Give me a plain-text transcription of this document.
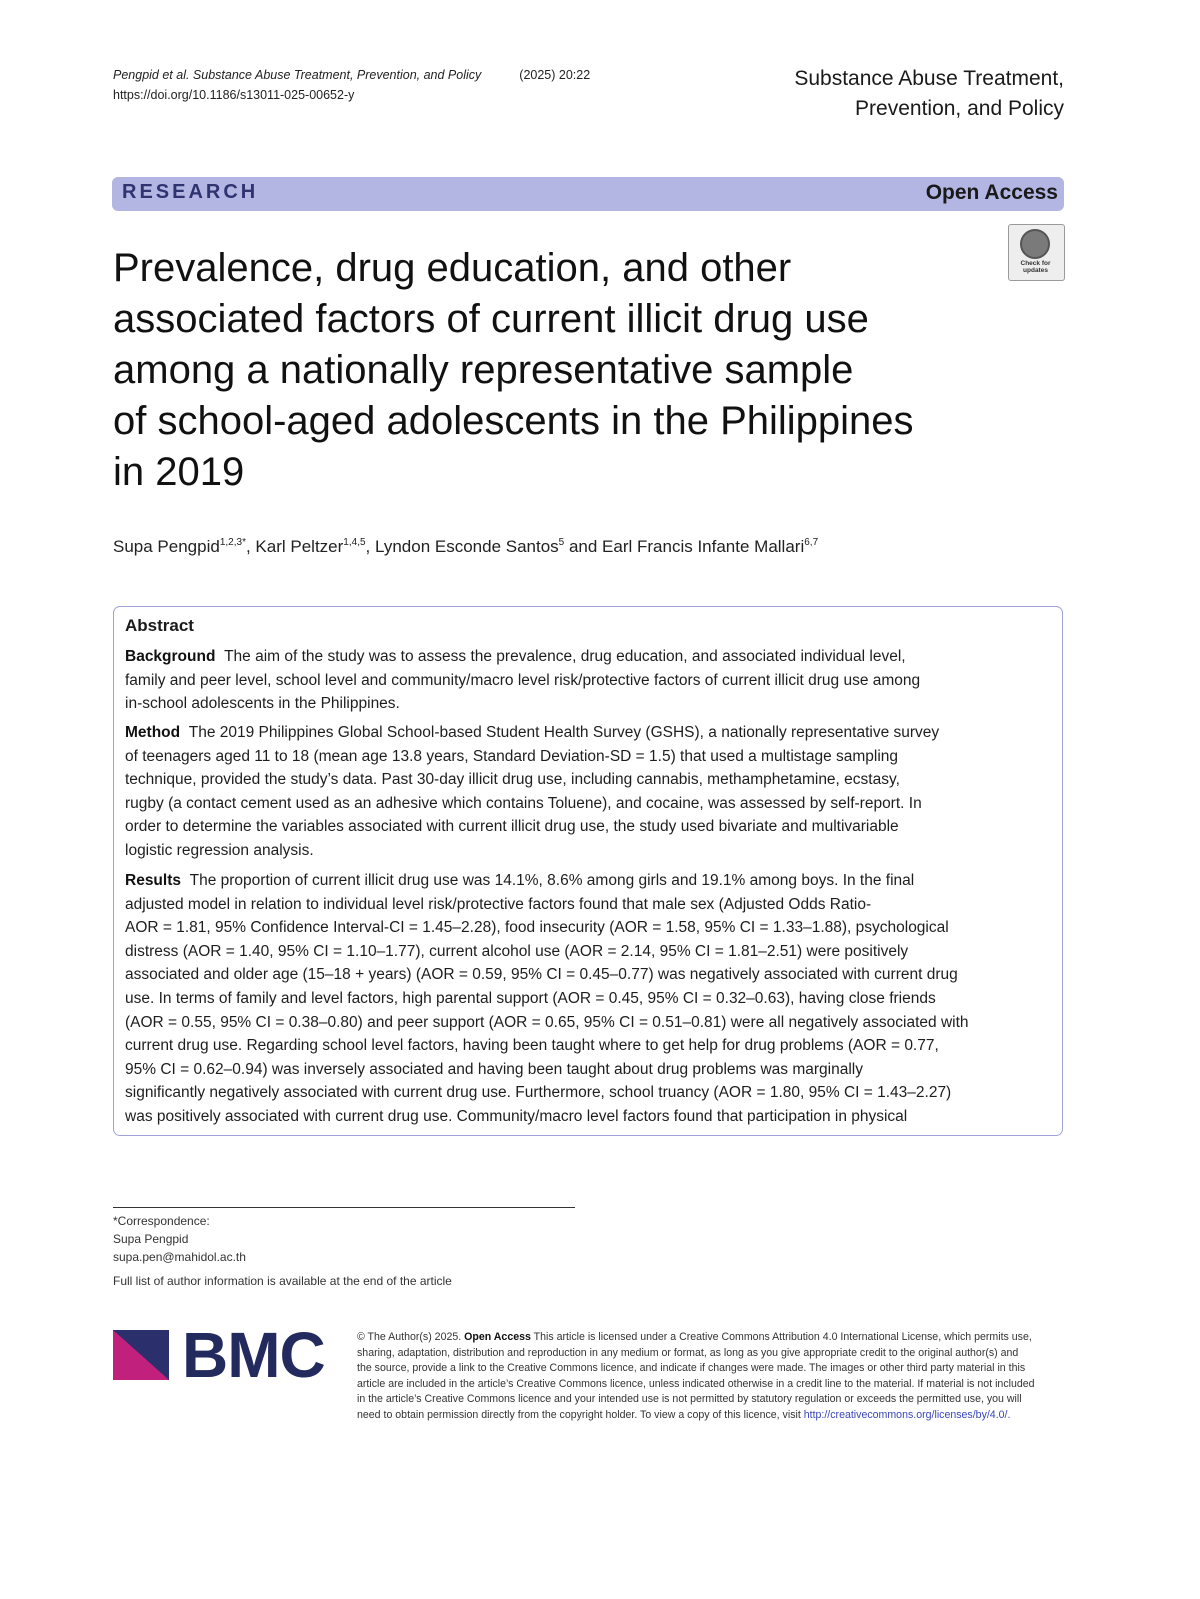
Pengpid et al. Substance Abuse Treatment, Prevention, and Policy	(2025) 20:22
https://doi.org/10.1186/s13011-025-00652-y
Substance Abuse Treatment,
Prevention, and Policy
RESEARCH	Open Access
Check for
updates
Prevalence, drug education, and other
associated factors of current illicit drug use
among a nationally representative sample
of school-aged adolescents in the Philippines
in 2019
Supa Pengpid$^{1,2,3*}$, Karl Peltzer$^{1,4,5}$, Lyndon Esconde Santos$^5$ and Earl Francis Infante Mallari$^{6,7}$
Abstract
Background The aim of the study was to assess the prevalence, drug education, and associated individual level,
family and peer level, school level and community/macro level risk/protective factors of current illicit drug use among
in-school adolescents in the Philippines.
Method The 2019 Philippines Global School-based Student Health Survey (GSHS), a nationally representative survey
of teenagers aged 11 to 18 (mean age 13.8 years, Standard Deviation-SD = 1.5) that used a multistage sampling
technique, provided the study’s data. Past 30-day illicit drug use, including cannabis, methamphetamine, ecstasy,
rugby (a contact cement used as an adhesive which contains Toluene), and cocaine, was assessed by self-report. In
order to determine the variables associated with current illicit drug use, the study used bivariate and multivariable
logistic regression analysis.
Results The proportion of current illicit drug use was 14.1%, 8.6% among girls and 19.1% among boys. In the final
adjusted model in relation to individual level risk/protective factors found that male sex (Adjusted Odds Ratio-
AOR = 1.81, 95% Confidence Interval-CI = 1.45–2.28), food insecurity (AOR = 1.58, 95% CI = 1.33–1.88), psychological
distress (AOR = 1.40, 95% CI = 1.10–1.77), current alcohol use (AOR = 2.14, 95% CI = 1.81–2.51) were positively
associated and older age (15–18 + years) (AOR = 0.59, 95% CI = 0.45–0.77) was negatively associated with current drug
use. In terms of family and level factors, high parental support (AOR = 0.45, 95% CI = 0.32–0.63), having close friends
(AOR = 0.55, 95% CI = 0.38–0.80) and peer support (AOR = 0.65, 95% CI = 0.51–0.81) were all negatively associated with
current drug use. Regarding school level factors, having been taught where to get help for drug problems (AOR = 0.77,
95% CI = 0.62–0.94) was inversely associated and having been taught about drug problems was marginally
significantly negatively associated with current drug use. Furthermore, school truancy (AOR = 1.80, 95% CI = 1.43–2.27)
was positively associated with current drug use. Community/macro level factors found that participation in physical
*Correspondence:
Supa Pengpid
supa.pen@mahidol.ac.th
Full list of author information is available at the end of the article
BMC	© The Author(s) 2025. Open Access This article is licensed under a Creative Commons Attribution 4.0 International License, which permits use,
sharing, adaptation, distribution and reproduction in any medium or format, as long as you give appropriate credit to the original author(s) and
the source, provide a link to the Creative Commons licence, and indicate if changes were made. The images or other third party material in this
article are included in the article’s Creative Commons licence, unless indicated otherwise in a credit line to the material. If material is not included
in the article’s Creative Commons licence and your intended use is not permitted by statutory regulation or exceeds the permitted use, you will
need to obtain permission directly from the copyright holder. To view a copy of this licence, visit http://creativecommons.org/licenses/by/4.0/.
